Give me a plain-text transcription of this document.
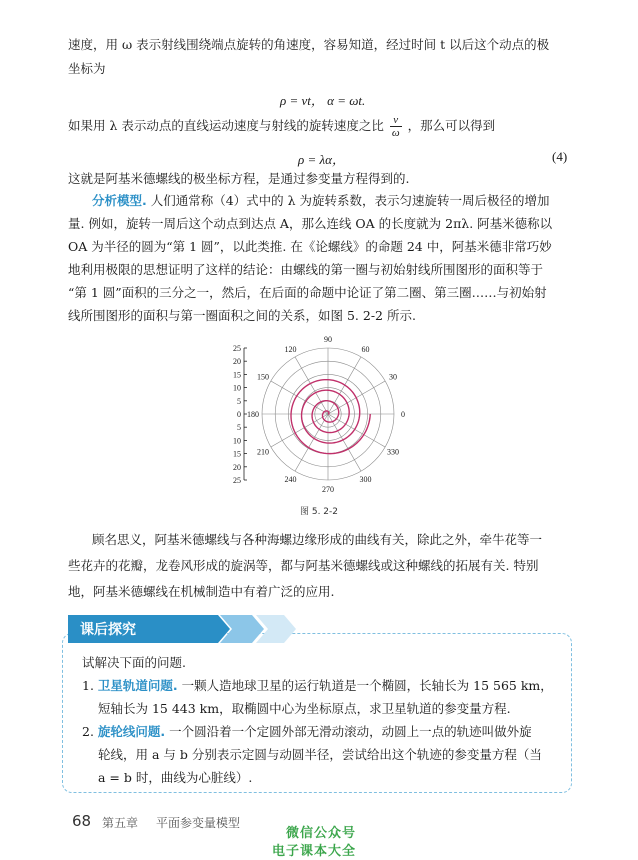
速度，用 ω 表示射线围绕端点旋转的角速度，容易知道，经过时间 t 以后这个动点的极
坐标为
ρ = vt， α = ωt.
如果用 λ 表示动点的直线运动速度与射线的旋转速度之比 $\frac{v}{\omega}$ ，那么可以得到
ρ = λα，	(4)
这就是阿基米德螺线的极坐标方程，是通过参变量方程得到的.
分析模型. 人们通常称（4）式中的 λ 为旋转系数，表示匀速旋转一周后极径的增加
量. 例如，旋转一周后这个动点到达点 A，那么连线 OA 的长度就为 2πλ. 阿基米德称以
OA 为半径的圆为“第 1 圆”，以此类推. 在《论螺线》的命题 24 中，阿基米德非常巧妙
地利用极限的思想证明了这样的结论：由螺线的第一圈与初始射线所围图形的面积等于
“第 1 圆”面积的三分之一，然后，在后面的命题中论证了第二圈、第三圈……与初始射
线所围图形的面积与第一圈面积之间的关系，如图 5. 2-2 所示.
0
30
60
90
120
150
180
210
240
270
300
330
25
20
15
10
5
0
5
10
15
20
25
图 5. 2-2
顾名思义，阿基米德螺线与各种海螺边缘形成的曲线有关，除此之外，牵牛花等一
些花卉的花瓣，龙卷风形成的旋涡等，都与阿基米德螺线或这种螺线的拓展有关. 特别
地，阿基米德螺线在机械制造中有着广泛的应用.
课后探究
试解决下面的问题.
1. 卫星轨道问题. 一颗人造地球卫星的运行轨道是一个椭圆，长轴长为 15 565 km，
短轴长为 15 443 km，取椭圆中心为坐标原点，求卫星轨道的参变量方程.
2. 旋轮线问题. 一个圆沿着一个定圆外部无滑动滚动，动圆上一点的轨迹叫做外旋
轮线，用 a 与 b 分别表示定圆与动圆半径，尝试给出这个轨迹的参变量方程（当
a = b 时，曲线为心脏线）.
68 第五章 平面参变量模型
微信公众号
电子课本大全
